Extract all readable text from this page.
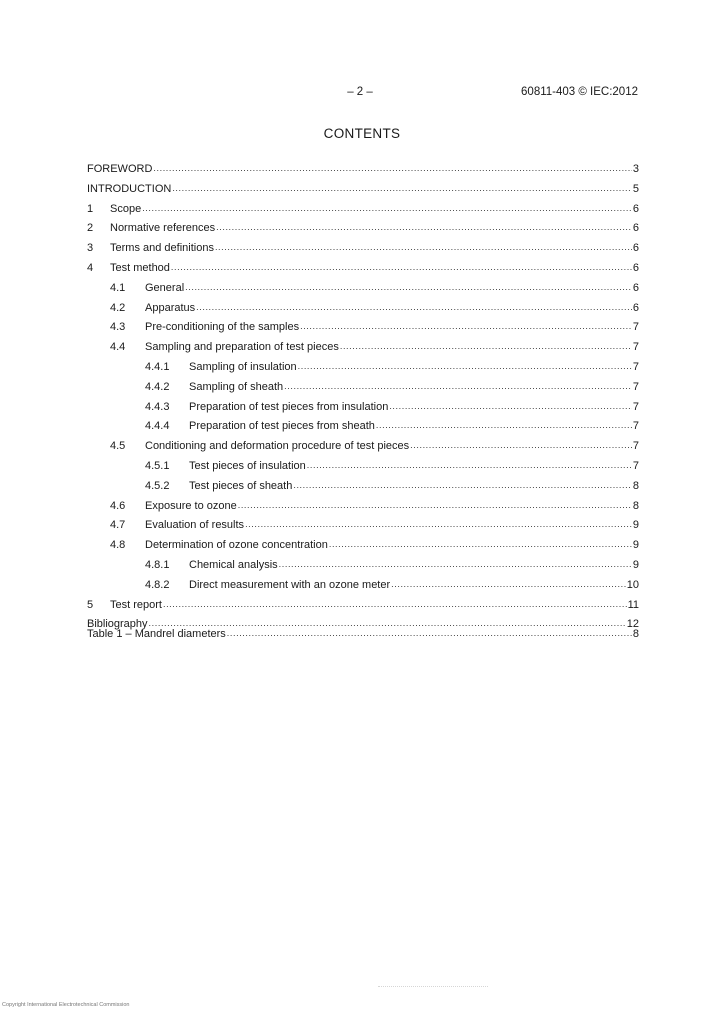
– 2 –	60811-403 © IEC:2012
CONTENTS
FOREWORD .....	3
INTRODUCTION .....	5
1	Scope .....	6
2	Normative references .....	6
3	Terms and definitions .....	6
4	Test method .....	6
4.1	General .....	6
4.2	Apparatus .....	6
4.3	Pre-conditioning of the samples .....	7
4.4	Sampling and preparation of test pieces .....	7
4.4.1	Sampling of insulation .....	7
4.4.2	Sampling of sheath .....	7
4.4.3	Preparation of test pieces from insulation .....	7
4.4.4	Preparation of test pieces from sheath .....	7
4.5	Conditioning and deformation procedure of test pieces .....	7
4.5.1	Test pieces of insulation .....	7
4.5.2	Test pieces of sheath .....	8
4.6	Exposure to ozone .....	8
4.7	Evaluation of results .....	9
4.8	Determination of ozone concentration .....	9
4.8.1	Chemical analysis .....	9
4.8.2	Direct measurement with an ozone meter .....	10
5	Test report .....	11
Bibliography .....	12
Table 1 – Mandrel diameters .....	8
Copyright International Electrotechnical Commission
